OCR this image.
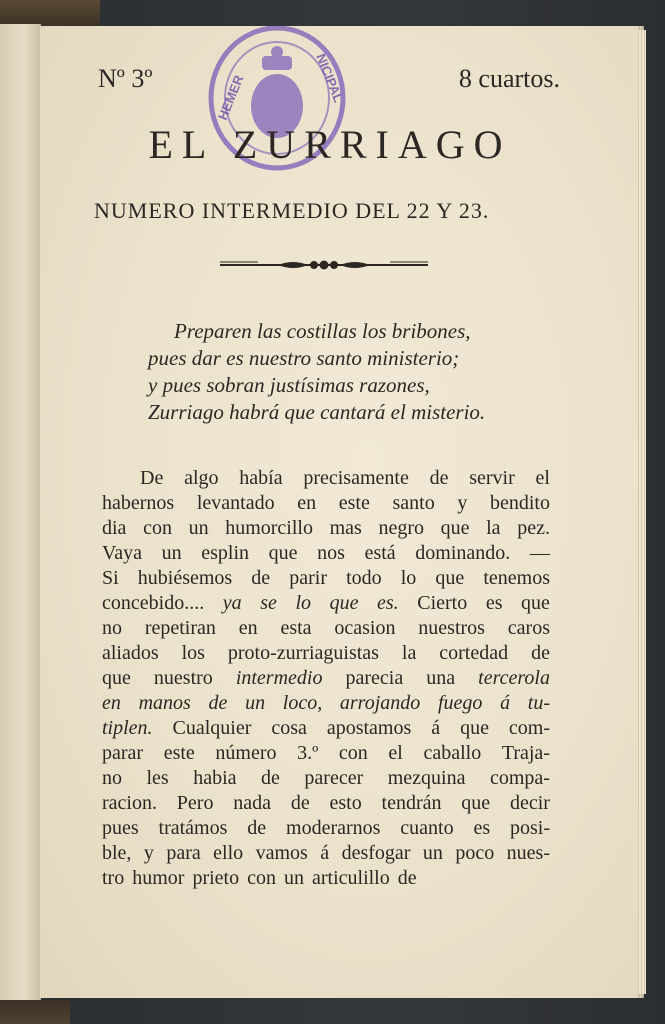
Nº 3º	8 cuartos.
HEMER	NICIPAL
EL ZURRIAGO
NUMERO INTERMEDIO DEL 22 Y 23.
Preparen las costillas los bribones,
pues dar es nuestro santo ministerio;
y pues sobran justísimas razones,
Zurriago habrá que cantará el misterio.
De algo había precisamente de servir el
habernos levantado en este santo y bendito
dia con un humorcillo mas negro que la pez.
Vaya un esplin que nos está dominando. —
Si hubiésemos de parir todo lo que tenemos
concebido.... ya se lo que es. Cierto es que
no repetiran en esta ocasion nuestros caros
aliados los proto-zurriaguistas la cortedad de
que nuestro intermedio parecia una tercerola
en manos de un loco, arrojando fuego á tu-
tiplen. Cualquier cosa apostamos á que com-
parar este número 3.º con el caballo Traja-
no les habia de parecer mezquina compa-
racion. Pero nada de esto tendrán que decir
pues tratámos de moderarnos cuanto es posi-
ble, y para ello vamos á desfogar un poco nues-
tro humor prieto con un articulillo de
